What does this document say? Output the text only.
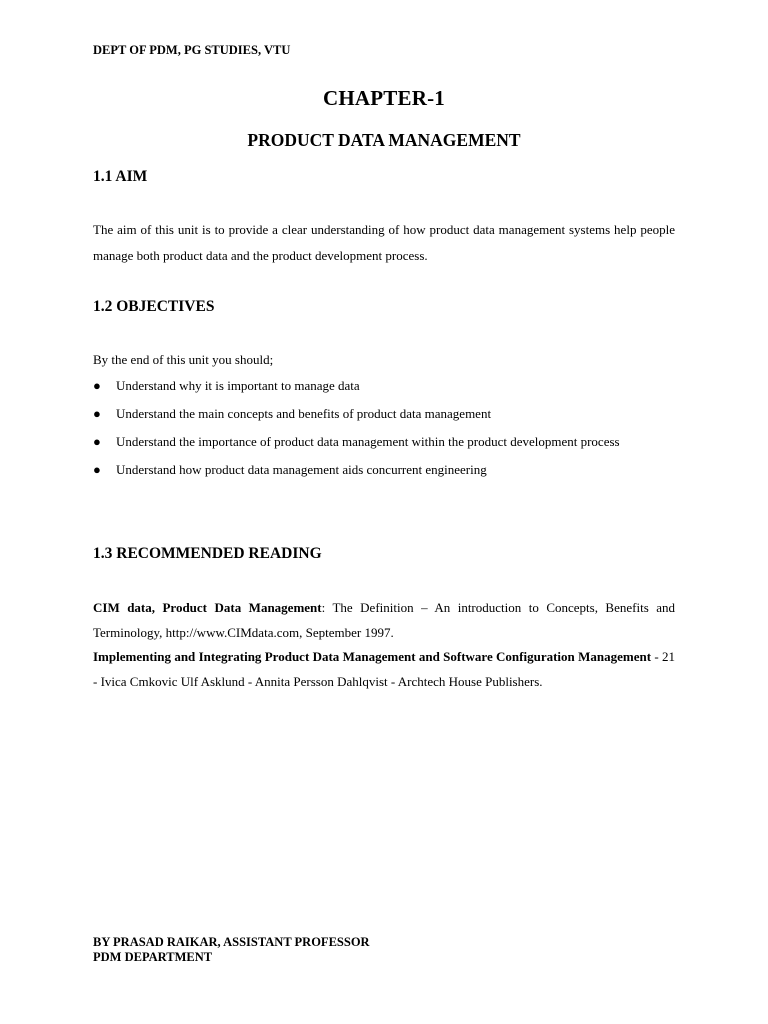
DEPT OF PDM, PG STUDIES, VTU
CHAPTER-1
PRODUCT DATA MANAGEMENT
1.1 AIM
The aim of this unit is to provide a clear understanding of how product data management systems help people manage both product data and the product development process.
1.2 OBJECTIVES
By the end of this unit you should;
● Understand why it is important to manage data
● Understand the main concepts and benefits of product data management
● Understand the importance of product data management within the product development process
● Understand how product data management aids concurrent engineering
1.3 RECOMMENDED READING

CIM data, Product Data Management: The Definition – An introduction to Concepts, Benefits and Terminology, http://www.CIMdata.com, September 1997.

Implementing and Integrating Product Data Management and Software Configuration Management - 21 - Ivica Cmkovic Ulf Asklund - Annita Persson Dahlqvist - Archtech House Publishers.

BY PRASAD RAIKAR, ASSISTANT PROFESSOR
PDM DEPARTMENT
